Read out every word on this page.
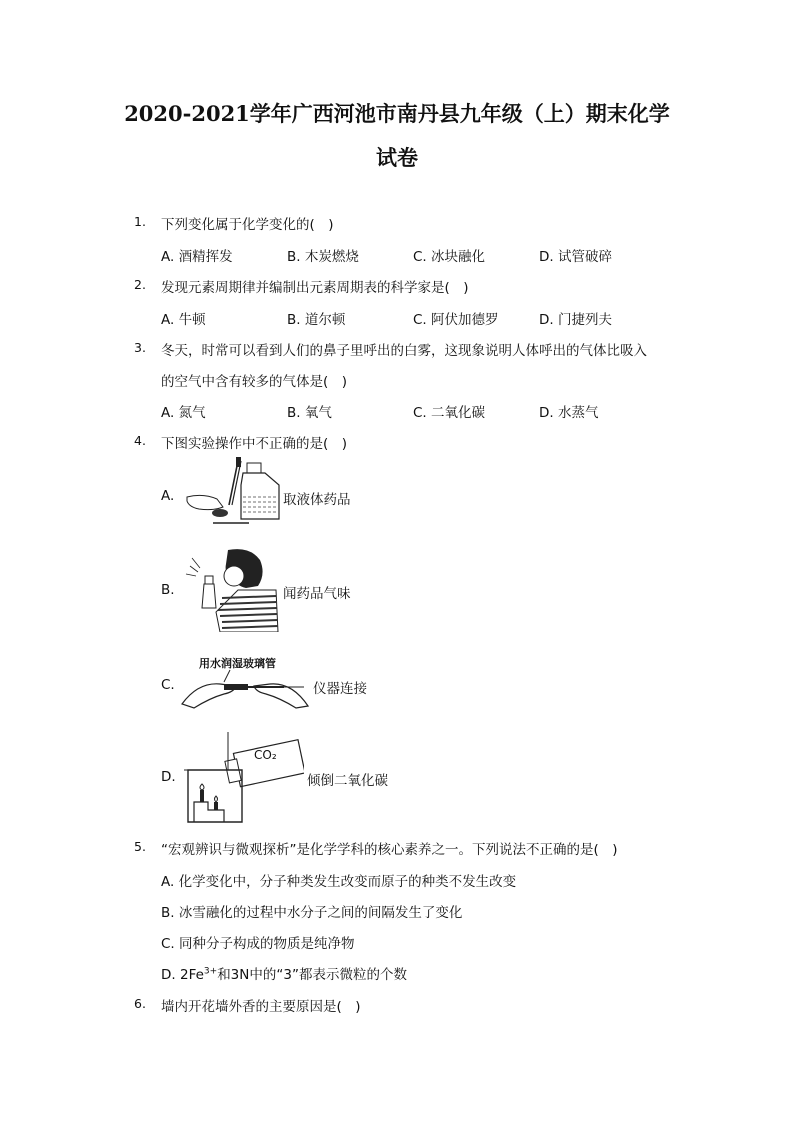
2020-2021学年广西河池市南丹县九年级（上）期末化学
试卷
1. 下列变化属于化学变化的(　)
A. 酒精挥发	B. 木炭燃烧	C. 冰块融化	D. 试管破碎
2. 发现元素周期律并编制出元素周期表的科学家是(　)
A. 牛顿	B. 道尔顿	C. 阿伏加德罗	D. 门捷列夫
3. 冬天，时常可以看到人们的鼻子里呼出的白雾，这现象说明人体呼出的气体比吸入
的空气中含有较多的气体是(　)
A. 氮气	B. 氧气	C. 二氧化碳	D. 水蒸气
4. 下图实验操作中不正确的是(　)
A.	取液体药品
B.	闻药品气味
C.
用水润湿玻璃管
仪器连接
D.
CO₂
倾倒二氧化碳
5. “宏观辨识与微观探析”是化学学科的核心素养之一。下列说法不正确的是(　)
A. 化学变化中，分子种类发生改变而原子的种类不发生改变
B. 冰雪融化的过程中水分子之间的间隔发生了变化
C. 同种分子构成的物质是纯净物
D. $2Fe^{3+}$和3N中的“3”都表示微粒的个数
6. 墙内开花墙外香的主要原因是(　)
